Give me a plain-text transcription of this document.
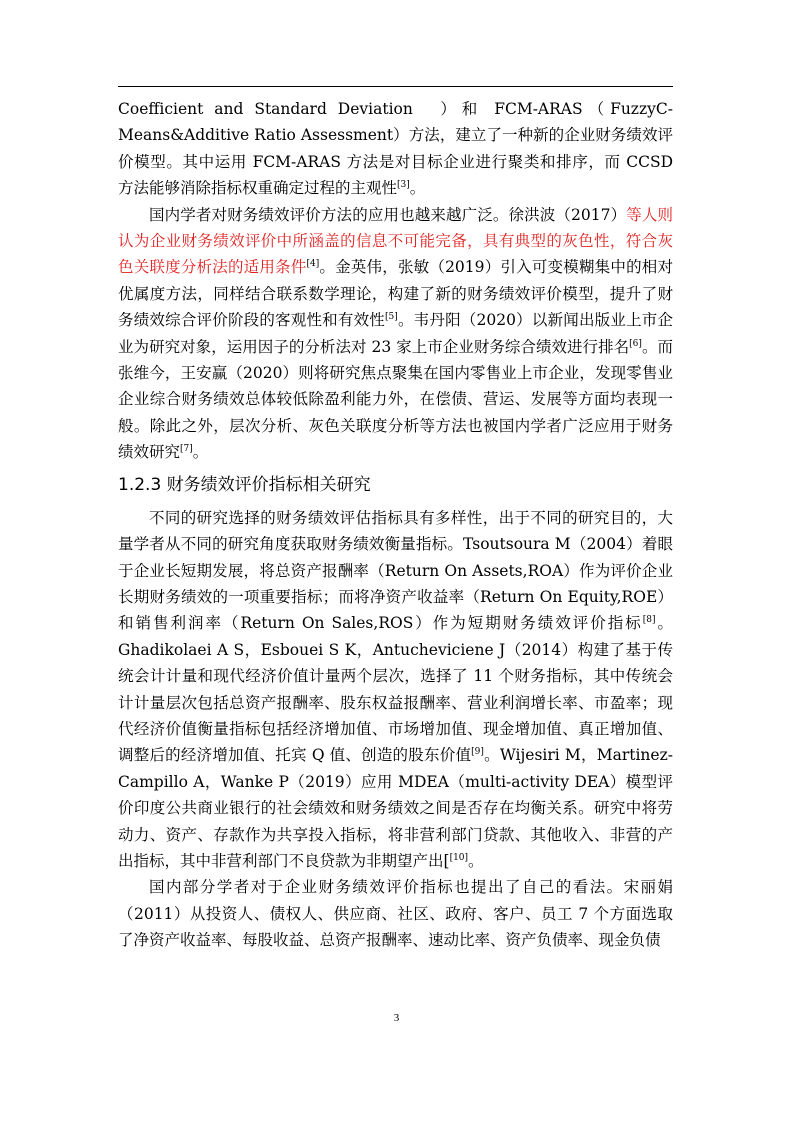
Coefficient and Standard Deviation　）和 FCM-ARAS（FuzzyC-Means&Additive Ratio Assessment）方法，建立了一种新的企业财务绩效评价模型。其中运用 FCM-ARAS 方法是对目标企业进行聚类和排序，而 CCSD 方法能够消除指标权重确定过程的主观性[3]。

国内学者对财务绩效评价方法的应用也越来越广泛。徐洪波（2017）等人则认为企业财务绩效评价中所涵盖的信息不可能完备，具有典型的灰色性，符合灰色关联度分析法的适用条件[4]。金英伟，张敏（2019）引入可变模糊集中的相对优属度方法，同样结合联系数学理论，构建了新的财务绩效评价模型，提升了财务绩效综合评价阶段的客观性和有效性[5]。韦丹阳（2020）以新闻出版业上市企业为研究对象，运用因子的分析法对 23 家上市企业财务综合绩效进行排名[6]。而张维今，王安赢（2020）则将研究焦点聚集在国内零售业上市企业，发现零售业企业综合财务绩效总体较低除盈利能力外，在偿债、营运、发展等方面均表现一般。除此之外，层次分析、灰色关联度分析等方法也被国内学者广泛应用于财务绩效研究[7]。

1.2.3 财务绩效评价指标相关研究

不同的研究选择的财务绩效评估指标具有多样性，出于不同的研究目的，大量学者从不同的研究角度获取财务绩效衡量指标。Tsoutsoura M（2004）着眼于企业长短期发展，将总资产报酬率（Return On Assets,ROA）作为评价企业长期财务绩效的一项重要指标；而将净资产收益率（Return On Equity,ROE）和销售利润率（Return On Sales,ROS）作为短期财务绩效评价指标[8]。Ghadikolaei A S，Esbouei S K，Antucheviciene J（2014）构建了基于传统会计计量和现代经济价值计量两个层次，选择了 11 个财务指标，其中传统会计计量层次包括总资产报酬率、股东权益报酬率、营业利润增长率、市盈率；现代经济价值衡量指标包括经济增加值、市场增加值、现金增加值、真正增加值、调整后的经济增加值、托宾 Q 值、创造的股东价值[9]。Wijesiri M，Martinez-Campillo A，Wanke P（2019）应用 MDEA（multi-activity DEA）模型评价印度公共商业银行的社会绩效和财务绩效之间是否存在均衡关系。研究中将劳动力、资产、存款作为共享投入指标，将非营利部门贷款、其他收入、非营的产出指标，其中非营利部门不良贷款为非期望产出[[10]。

国内部分学者对于企业财务绩效评价指标也提出了自己的看法。宋丽娟（2011）从投资人、债权人、供应商、社区、政府、客户、员工 7 个方面选取了净资产收益率、每股收益、总资产报酬率、速动比率、资产负债率、现金负债

3
